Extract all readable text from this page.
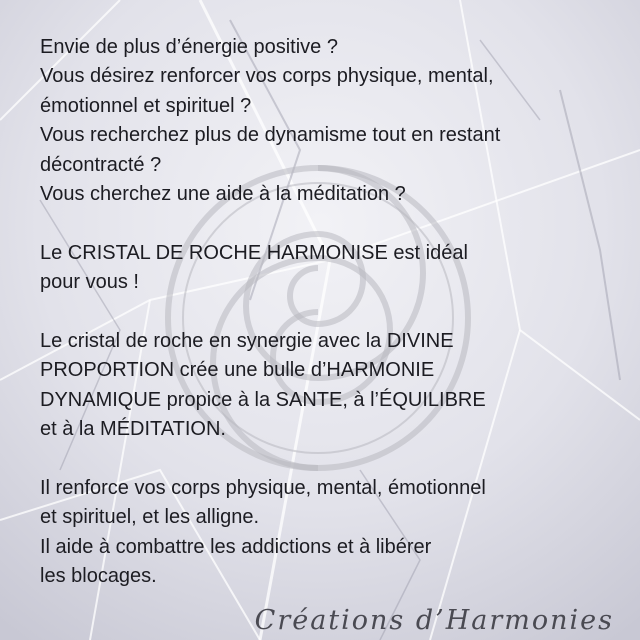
Envie de plus d’énergie positive ?

Vous désirez renforcer vos corps physique, mental,

émotionnel et spirituel ?

Vous recherchez plus de dynamisme tout en restant

décontracté ?

Vous cherchez une aide à la méditation ?

Le CRISTAL DE ROCHE HARMONISE est idéal

pour vous !

Le cristal de roche en synergie avec la DIVINE

PROPORTION crée une bulle d’HARMONIE

DYNAMIQUE propice à la SANTE, à l’ÉQUILIBRE

et à la MÉDITATION.

Il renforce vos corps physique, mental, émotionnel

et spirituel, et les alligne.

Il aide à combattre les addictions et à libérer

les blocages.

Créations d’Harmonies
